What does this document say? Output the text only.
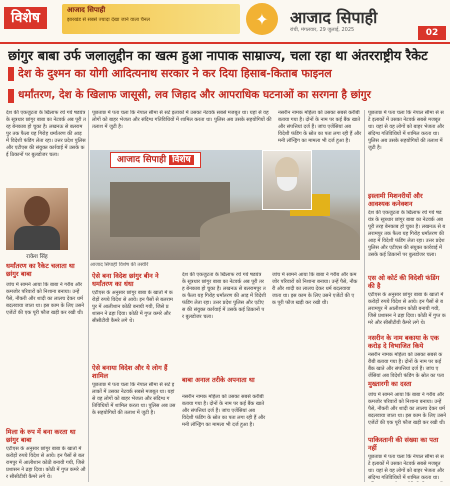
विशेष	आजाद सिपाही
झारखंड से सबसे ज्यादा देखा जाने वाला चैनल	✦	आजाद सिपाही
रांची, मंगलवार, 29 जुलाई, 2025	02
छांगुर बाबा उर्फ जलालुद्दीन का खत्म हुआ नापाक साम्राज्य, चला रहा था अंतरराष्ट्रीय रैकेट
देश के दुश्मन का योगी आदित्यनाथ सरकार ने कर दिया हिसाब-किताब फाइनल
धर्मांतरण, देश के खिलाफ जासूसी, लव जिहाद और आपराधिक घटनाओं का सरगना है छांगुर
देश की एकजुटता के खिलाफ रचे गये षडयंत्र के सूत्रधार छांगुर बाबा का नेटवर्क अब पूरी तरह बेनकाब हो चुका है। लखनऊ से बलरामपुर तक फैला यह गिरोह धर्मांतरण की आड़ में विदेशी फंडिंग लेता रहा। उत्तर प्रदेश पुलिस और एटीएस की संयुक्त कार्रवाई में उसके कई ठिकानों पर बुलडोजर चला।
राकेश सिंह
धर्मांतरण का रैकेट चलाता था छांगुर बाबा
जांच में सामने आया कि बाबा ने गरीब और कमजोर परिवारों को निशाना बनाया। उन्हें पैसे, नौकरी और शादी का लालच देकर धर्म बदलवाया जाता था। इस काम के लिए उसने एजेंटों की एक पूरी फौज खड़ी कर रखी थी।
मिला के रुप में बना करता था छांगुर बाबा
एटीएस के अनुसार छांगुर बाबा के खातों में करोड़ों रुपये विदेश से आये। इन पैसों से बलरामपुर में आलीशान कोठी बनायी गयी, जिसे प्रशासन ने ढहा दिया। कोठी में गुप्त कमरे और सीसीटीवी कैमरे लगे थे।
पूछताछ में पता चला कि नेपाल सीमा से सटे इलाकों में उसका नेटवर्क सबसे मजबूत था। यहां से वह लोगों को बाहर भेजता और संदिग्ध गतिविधियों में शामिल करता था। पुलिस अब उसके सहयोगियों की तलाश में जुटी है।
नसरीन नामक महिला को उसका सबसे करीबी बताया गया है। दोनों के नाम पर कई बैंक खाते और संपत्तियां दर्ज हैं। जांच एजेंसियां अब विदेशी फंडिंग के स्रोत का पता लगा रही हैं और मनी लॉन्ड्रिंग का मामला भी दर्ज हुआ है।
आजाद सिपाही विशेष
आजाद सिपाही विशेष की तस्वीरें
ऐसे बना विदेश छांगुर बीन ने धर्मांतरण का धंधा
एटीएस के अनुसार छांगुर बाबा के खातों में करोड़ों रुपये विदेश से आये। इन पैसों से बलरामपुर में आलीशान कोठी बनायी गयी, जिसे प्रशासन ने ढहा दिया। कोठी में गुप्त कमरे और सीसीटीवी कैमरे लगे थे।
ऐसे बनाया विदेश और ये लोग हैं शामिल
पूछताछ में पता चला कि नेपाल सीमा से सटे इलाकों में उसका नेटवर्क सबसे मजबूत था। यहां से वह लोगों को बाहर भेजता और संदिग्ध गतिविधियों में शामिल करता था। पुलिस अब उसके सहयोगियों की तलाश में जुटी है।
देश की एकजुटता के खिलाफ रचे गये षडयंत्र के सूत्रधार छांगुर बाबा का नेटवर्क अब पूरी तरह बेनकाब हो चुका है। लखनऊ से बलरामपुर तक फैला यह गिरोह धर्मांतरण की आड़ में विदेशी फंडिंग लेता रहा। उत्तर प्रदेश पुलिस और एटीएस की संयुक्त कार्रवाई में उसके कई ठिकानों पर बुलडोजर चला।
बाबा अनाल तरीके अपनाता था
नसरीन नामक महिला को उसका सबसे करीबी बताया गया है। दोनों के नाम पर कई बैंक खाते और संपत्तियां दर्ज हैं। जांच एजेंसियां अब विदेशी फंडिंग के स्रोत का पता लगा रही हैं और मनी लॉन्ड्रिंग का मामला भी दर्ज हुआ है।
जांच में सामने आया कि बाबा ने गरीब और कमजोर परिवारों को निशाना बनाया। उन्हें पैसे, नौकरी और शादी का लालच देकर धर्म बदलवाया जाता था। इस काम के लिए उसने एजेंटों की एक पूरी फौज खड़ी कर रखी थी।
पूछताछ में पता चला कि नेपाल सीमा से सटे इलाकों में उसका नेटवर्क सबसे मजबूत था। यहां से वह लोगों को बाहर भेजता और संदिग्ध गतिविधियों में शामिल करता था। पुलिस अब उसके सहयोगियों की तलाश में जुटी है।
इस्लामी मिशनरीयों और आवश्यक कनेक्शन
देश की एकजुटता के खिलाफ रचे गये षडयंत्र के सूत्रधार छांगुर बाबा का नेटवर्क अब पूरी तरह बेनकाब हो चुका है। लखनऊ से बलरामपुर तक फैला यह गिरोह धर्मांतरण की आड़ में विदेशी फंडिंग लेता रहा। उत्तर प्रदेश पुलिस और एटीएस की संयुक्त कार्रवाई में उसके कई ठिकानों पर बुलडोजर चला।
एस ओ कोर्ट की विदेशी फंडिंग की है
एटीएस के अनुसार छांगुर बाबा के खातों में करोड़ों रुपये विदेश से आये। इन पैसों से बलरामपुर में आलीशान कोठी बनायी गयी, जिसे प्रशासन ने ढहा दिया। कोठी में गुप्त कमरे और सीसीटीवी कैमरे लगे थे।
नसरीन के नाम बकाया के एक करोड़ दे विभाजित किये
नसरीन नामक महिला को उसका सबसे करीबी बताया गया है। दोनों के नाम पर कई बैंक खाते और संपत्तियां दर्ज हैं। जांच एजेंसियां अब विदेशी फंडिंग के स्रोत का पता
मुख्तारगी का दस्ता
जांच में सामने आया कि बाबा ने गरीब और कमजोर परिवारों को निशाना बनाया। उन्हें पैसे, नौकरी और शादी का लालच देकर धर्म बदलवाया जाता था। इस काम के लिए उसने एजेंटों की एक पूरी फौज खड़ी कर रखी थी।
पाकिस्तानी की संख्या का पता नहीं
पूछताछ में पता चला कि नेपाल सीमा से सटे इलाकों में उसका नेटवर्क सबसे मजबूत था। यहां से वह लोगों को बाहर भेजता और संदिग्ध गतिविधियों में शामिल करता था।
